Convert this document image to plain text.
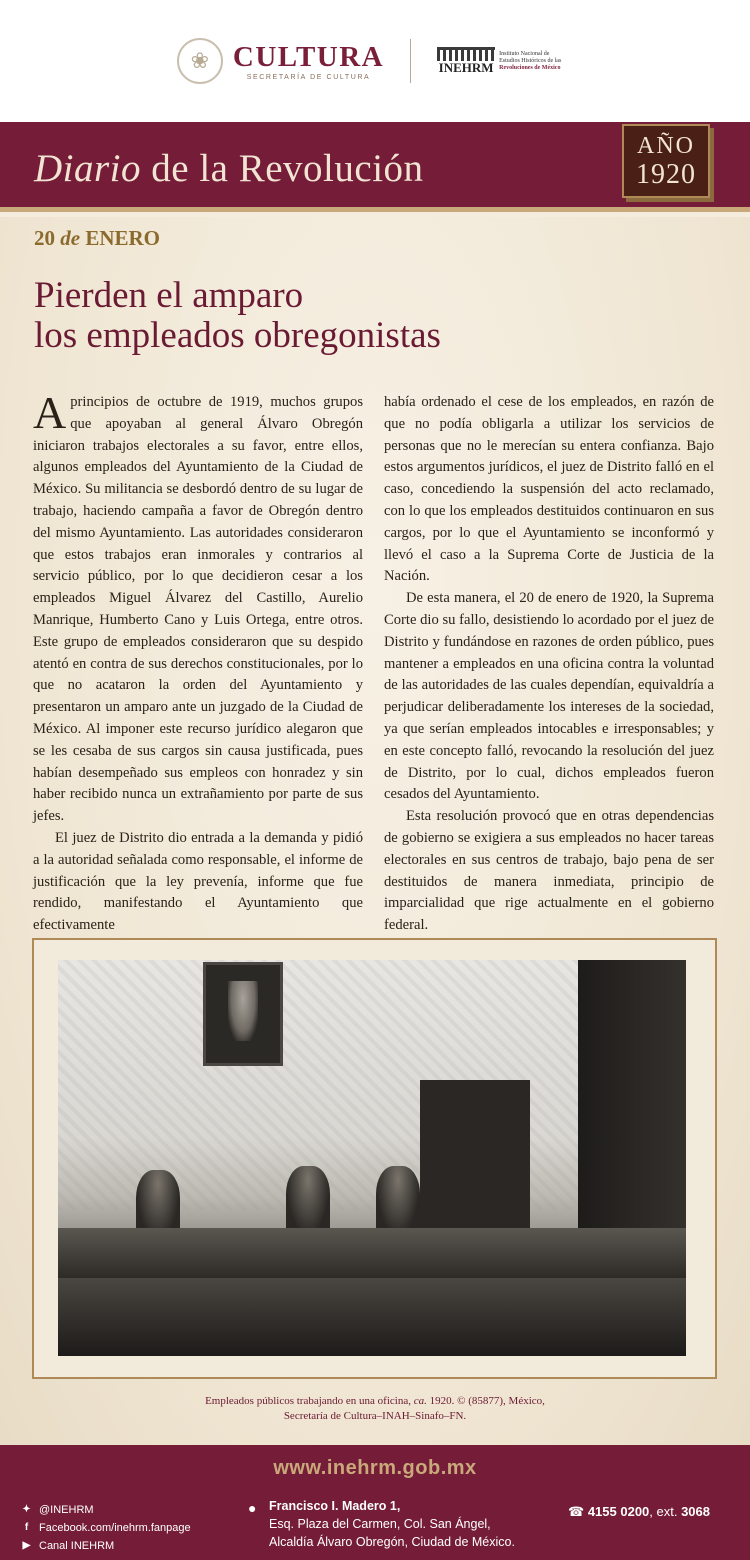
❀ CULTURA
SECRETARÍA DE CULTURA
INEHRM
Instituto Nacional de
Estudios Históricos de las
Revoluciones de México
Diario de la Revolución
AÑO
1920
20 de ENERO
Pierden el amparo
los empleados obregonistas

Aprincipios de octubre de 1919, muchos grupos que apoyaban al general Álvaro Obregón iniciaron trabajos electorales a su favor, entre ellos, algunos empleados del Ayuntamiento de la Ciudad de México. Su militancia se desbordó dentro de su lugar de trabajo, haciendo campaña a favor de Obregón dentro del mismo Ayuntamiento. Las autoridades consideraron que estos trabajos eran inmorales y contrarios al servicio público, por lo que decidieron cesar a los empleados Miguel Álvarez del Castillo, Aurelio Manrique, Humberto Cano y Luis Ortega, entre otros. Este grupo de empleados consideraron que su despido atentó en contra de sus derechos constitucionales, por lo que no acataron la orden del Ayuntamiento y presentaron un amparo ante un juzgado de la Ciudad de México. Al imponer este recurso jurídico alegaron que se les cesaba de sus cargos sin causa justificada, pues habían desempeñado sus empleos con honradez y sin haber recibido nunca un extrañamiento por parte de sus jefes.

El juez de Distrito dio entrada a la demanda y pidió a la autoridad señalada como responsable, el informe de justificación que la ley prevenía, informe que fue rendido, manifestando el Ayuntamiento que efectivamente

había ordenado el cese de los empleados, en razón de que no podía obligarla a utilizar los servicios de personas que no le merecían su entera confianza. Bajo estos argumentos jurídicos, el juez de Distrito falló en el caso, concediendo la suspensión del acto reclamado, con lo que los empleados destituidos continuaron en sus cargos, por lo que el Ayuntamiento se inconformó y llevó el caso a la Suprema Corte de Justicia de la Nación.

De esta manera, el 20 de enero de 1920, la Suprema Corte dio su fallo, desistiendo lo acordado por el juez de Distrito y fundándose en razones de orden público, pues mantener a empleados en una oficina contra la voluntad de las autoridades de las cuales dependían, equivaldría a perjudicar deliberadamente los intereses de la sociedad, ya que serían empleados intocables e irresponsables; y en este concepto falló, revocando la resolución del juez de Distrito, por lo cual, dichos empleados fueron cesados del Ayuntamiento.

Esta resolución provocó que en otras dependencias de gobierno se exigiera a sus empleados no hacer tareas electorales en sus centros de trabajo, bajo pena de ser destituidos de manera inmediata, principio de imparcialidad que rige actualmente en el gobierno federal.

Empleados públicos trabajando en una oficina, ca. 1920. © (85877), México,
Secretaría de Cultura–INAH–Sinafo–FN.
www.inehrm.gob.mx
✦ @INEHRM
f Facebook.com/inehrm.fanpage
▶ Canal INEHRM
● Francisco I. Madero 1,
Esq. Plaza del Carmen, Col. San Ángel,
Alcaldía Álvaro Obregón, Ciudad de México.
☎ 4155 0200, ext. 3068
